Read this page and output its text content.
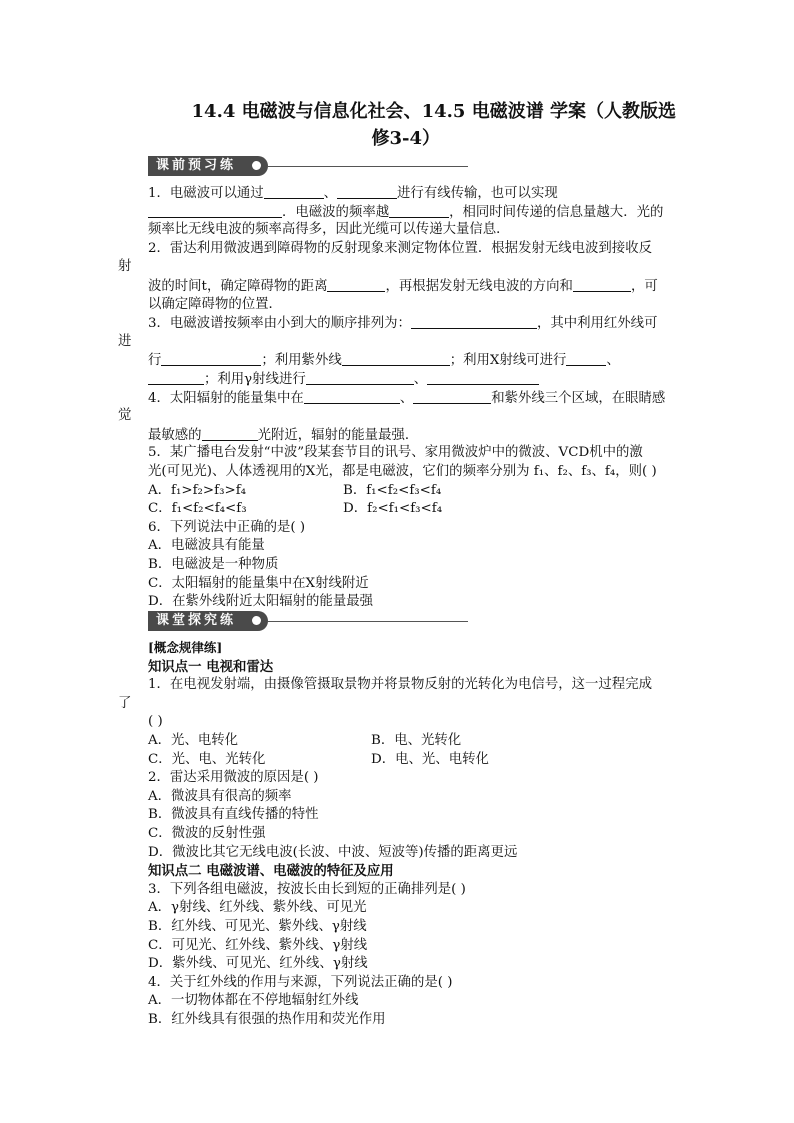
14.4 电磁波与信息化社会、14.5 电磁波谱 学案（人教版选
修3-4）
课前预习练
1．电磁波可以通过	、	进行有线传输，也可以实现
．电磁波的频率越	，相同时间传递的信息量越大．光的
频率比无线电波的频率高得多，因此光缆可以传递大量信息．
2．雷达利用微波遇到障碍物的反射现象来测定物体位置．根据发射无线电波到接收反
射
波的时间t，确定障碍物的距离	，再根据发射无线电波的方向和	，可
以确定障碍物的位置．
3．电磁波谱按频率由小到大的顺序排列为：	，其中利用红外线可
进
行	；利用紫外线	；利用X射线可进行	、
；利用γ射线进行	、
4．太阳辐射的能量集中在	、	和紫外线三个区域，在眼睛感
觉
最敏感的	光附近，辐射的能量最强．
5．某广播电台发射“中波”段某套节目的讯号、家用微波炉中的微波、VCD机中的激
光(可见光)、人体透视用的X光，都是电磁波，它们的频率分别为 f₁、f₂、f₃、f₄，则( )
A．f₁>f₂>f₃>f₄	B．f₁<f₂<f₃<f₄
C．f₁<f₂<f₄<f₃	D．f₂<f₁<f₃<f₄
6．下列说法中正确的是( )
A．电磁波具有能量
B．电磁波是一种物质
C．太阳辐射的能量集中在X射线附近
D．在紫外线附近太阳辐射的能量最强
课堂探究练
[概念规律练]
知识点一 电视和雷达
1．在电视发射端，由摄像管摄取景物并将景物反射的光转化为电信号，这一过程完成
了
( )
A．光、电转化	B．电、光转化
C．光、电、光转化	D．电、光、电转化
2．雷达采用微波的原因是( )
A．微波具有很高的频率
B．微波具有直线传播的特性
C．微波的反射性强
D．微波比其它无线电波(长波、中波、短波等)传播的距离更远
知识点二 电磁波谱、电磁波的特征及应用
3．下列各组电磁波，按波长由长到短的正确排列是( )
A．γ射线、红外线、紫外线、可见光
B．红外线、可见光、紫外线、γ射线
C．可见光、红外线、紫外线、γ射线
D．紫外线、可见光、红外线、γ射线
4．关于红外线的作用与来源，下列说法正确的是( )
A．一切物体都在不停地辐射红外线
B．红外线具有很强的热作用和荧光作用
